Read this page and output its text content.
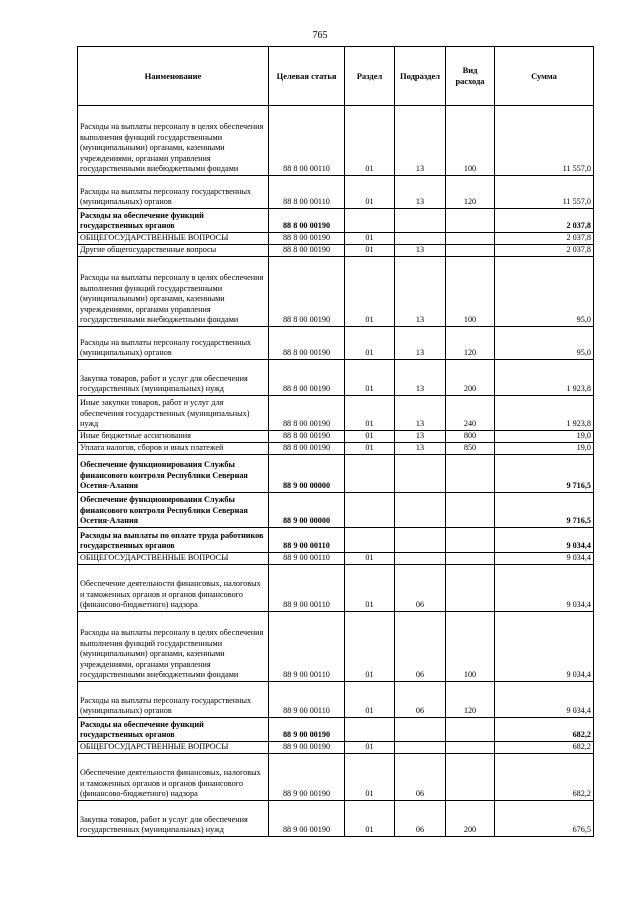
765
Наименование	Целевая статья	Раздел	Подраздел	Вид расхода	Сумма
Расходы на выплаты персоналу в целях обеспечения выполнения функций государственными (муниципальными) органами, казенными учреждениями, органами управления государственными внебюджетными фондами	88 8 00 00110	01	13	100	11 557,0
Расходы на выплаты персоналу государственных (муниципальных) органов	88 8 00 00110	01	13	120	11 557,0
Расходы на обеспечение функций государственных органов	88 8 00 00190				2 037,8
ОБЩЕГОСУДАРСТВЕННЫЕ ВОПРОСЫ	88 8 00 00190	01			2 037,8
Другие общегосударственные вопросы	88 8 00 00190	01	13		2 037,8
Расходы на выплаты персоналу в целях обеспечения выполнения функций государственными (муниципальными) органами, казенными учреждениями, органами управления государственными внебюджетными фондами	88 8 00 00190	01	13	100	95,0
Расходы на выплаты персоналу государственных (муниципальных) органов	88 8 00 00190	01	13	120	95,0
Закупка товаров, работ и услуг для обеспечения государственных (муниципальных) нужд	88 8 00 00190	01	13	200	1 923,8
Иные закупки товаров, работ и услуг для обеспечения государственных (муниципальных) нужд	88 8 00 00190	01	13	240	1 923,8
Иные бюджетные ассигнования	88 8 00 00190	01	13	800	19,0
Уплата налогов, сборов и иных платежей	88 8 00 00190	01	13	850	19,0
Обеспечение функционирования Службы финансового контроля Республики Северная Осетия-Алания	88 9 00 00000				9 716,5
Обеспечение функционирования Службы финансового контроля Республики Северная Осетия-Алания	88 9 00 00000				9 716,5
Расходы на выплаты по оплате труда работников государственных органов	88 9 00 00110				9 034,4
ОБЩЕГОСУДАРСТВЕННЫЕ ВОПРОСЫ	88 9 00 00110	01			9 034,4
Обеспечение деятельности финансовых, налоговых и таможенных органов и органов финансового (финансово-бюджетного) надзора	88 9 00 00110	01	06		9 034,4
Расходы на выплаты персоналу в целях обеспечения выполнения функций государственными (муниципальными) органами, казенными учреждениями, органами управления государственными внебюджетными фондами	88 9 00 00110	01	06	100	9 034,4
Расходы на выплаты персоналу государственных (муниципальных) органов	88 9 00 00110	01	06	120	9 034,4
Расходы на обеспечение функций государственных органов	88 9 00 00190				682,2
ОБЩЕГОСУДАРСТВЕННЫЕ ВОПРОСЫ	88 9 00 00190	01			682,2
Обеспечение деятельности финансовых, налоговых и таможенных органов и органов финансового (финансово-бюджетного) надзора	88 9 00 00190	01	06		682,2
Закупка товаров, работ и услуг для обеспечения государственных (муниципальных) нужд	88 9 00 00190	01	06	200	676,5
